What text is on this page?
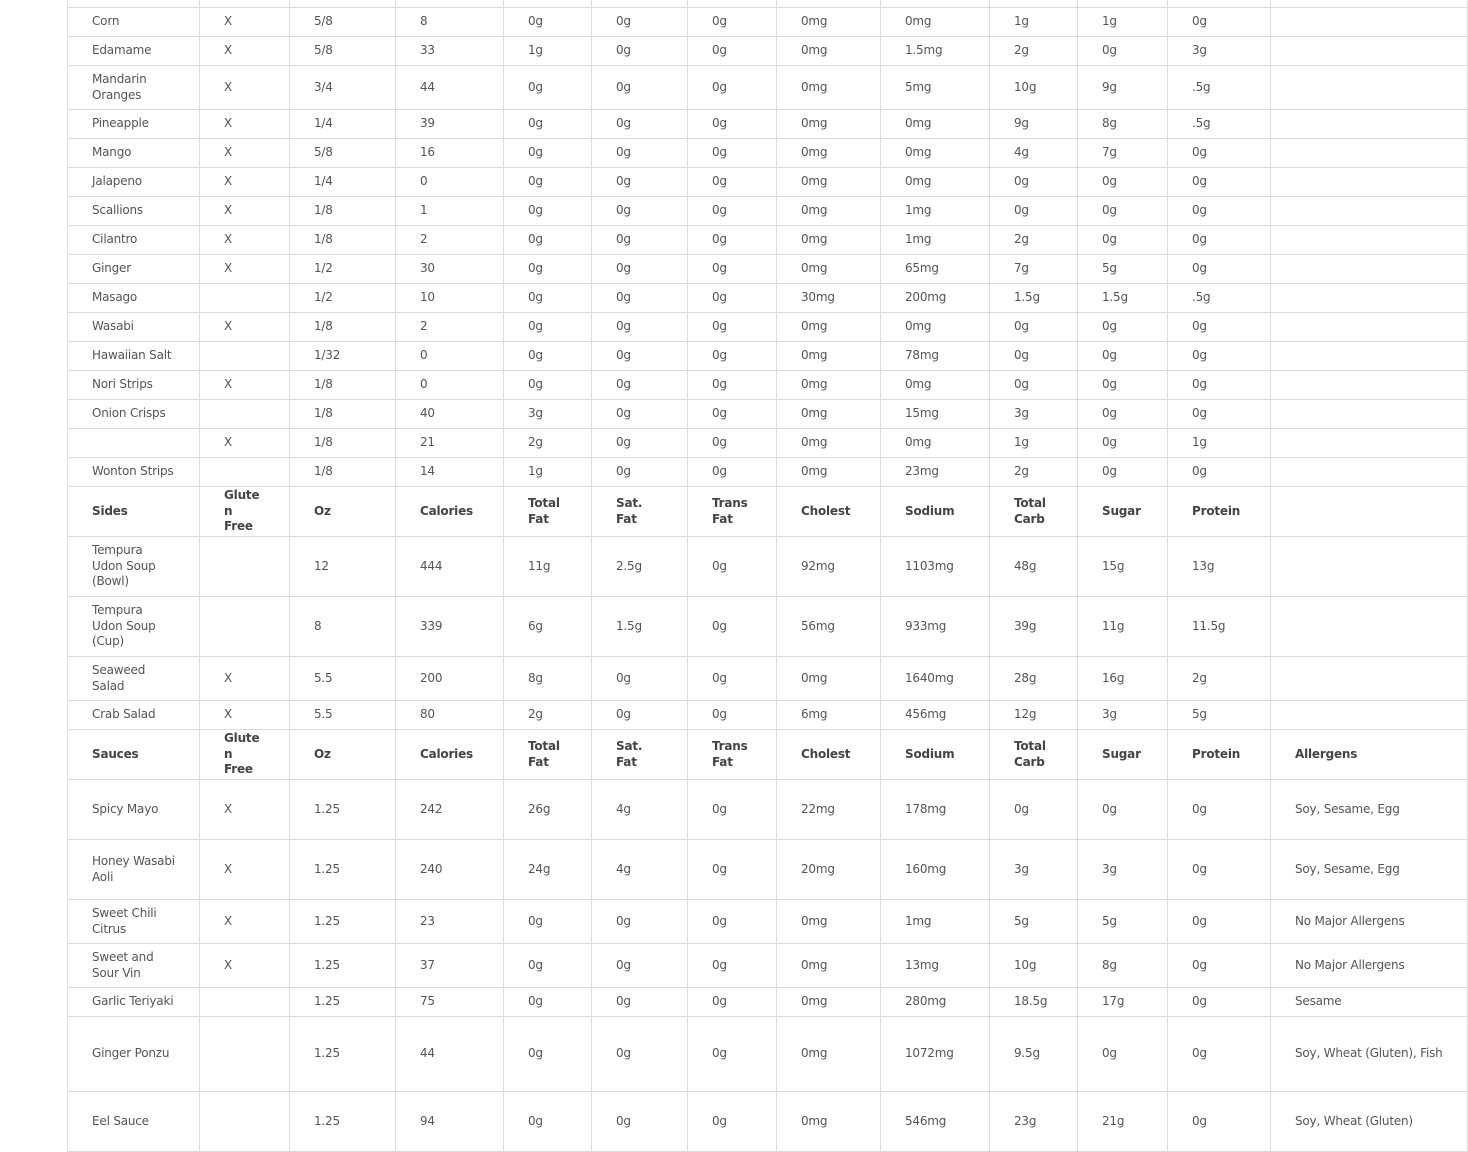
Corn	X	5/8	8	0g	0g	0g	0mg	0mg	1g	1g	0g	
Edamame	X	5/8	33	1g	0g	0g	0mg	1.5mg	2g	0g	3g	
Mandarin Oranges	X	3/4	44	0g	0g	0g	0mg	5mg	10g	9g	.5g	
Pineapple	X	1/4	39	0g	0g	0g	0mg	0mg	9g	8g	.5g	
Mango	X	5/8	16	0g	0g	0g	0mg	0mg	4g	7g	0g	
Jalapeno	X	1/4	0	0g	0g	0g	0mg	0mg	0g	0g	0g	
Scallions	X	1/8	1	0g	0g	0g	0mg	1mg	0g	0g	0g	
Cilantro	X	1/8	2	0g	0g	0g	0mg	1mg	2g	0g	0g	
Ginger	X	1/2	30	0g	0g	0g	0mg	65mg	7g	5g	0g	
Masago		1/2	10	0g	0g	0g	30mg	200mg	1.5g	1.5g	.5g	
Wasabi	X	1/8	2	0g	0g	0g	0mg	0mg	0g	0g	0g	
Hawaiian Salt		1/32	0	0g	0g	0g	0mg	78mg	0g	0g	0g	
Nori Strips	X	1/8	0	0g	0g	0g	0mg	0mg	0g	0g	0g	
Onion Crisps		1/8	40	3g	0g	0g	0mg	15mg	3g	0g	0g	
	X	1/8	21	2g	0g	0g	0mg	0mg	1g	0g	1g	
Wonton Strips		1/8	14	1g	0g	0g	0mg	23mg	2g	0g	0g	
Sides	Gluten Free	Oz	Calories	Total Fat	Sat. Fat	Trans Fat	Cholest	Sodium	Total Carb	Sugar	Protein	
Tempura Udon Soup (Bowl)		12	444	11g	2.5g	0g	92mg	1103mg	48g	15g	13g	
Tempura Udon Soup (Cup)		8	339	6g	1.5g	0g	56mg	933mg	39g	11g	11.5g	
Seaweed Salad	X	5.5	200	8g	0g	0g	0mg	1640mg	28g	16g	2g	
Crab Salad	X	5.5	80	2g	0g	0g	6mg	456mg	12g	3g	5g	
Sauces	Gluten Free	Oz	Calories	Total Fat	Sat. Fat	Trans Fat	Cholest	Sodium	Total Carb	Sugar	Protein	Allergens
Spicy Mayo	X	1.25	242	26g	4g	0g	22mg	178mg	0g	0g	0g	Soy, Sesame, Egg
Honey Wasabi Aoli	X	1.25	240	24g	4g	0g	20mg	160mg	3g	3g	0g	Soy, Sesame, Egg
Sweet Chili Citrus	X	1.25	23	0g	0g	0g	0mg	1mg	5g	5g	0g	No Major Allergens
Sweet and Sour Vin	X	1.25	37	0g	0g	0g	0mg	13mg	10g	8g	0g	No Major Allergens
Garlic Teriyaki		1.25	75	0g	0g	0g	0mg	280mg	18.5g	17g	0g	Sesame
Ginger Ponzu		1.25	44	0g	0g	0g	0mg	1072mg	9.5g	0g	0g	Soy, Wheat (Gluten), Fish
Eel Sauce		1.25	94	0g	0g	0g	0mg	546mg	23g	21g	0g	Soy, Wheat (Gluten)
